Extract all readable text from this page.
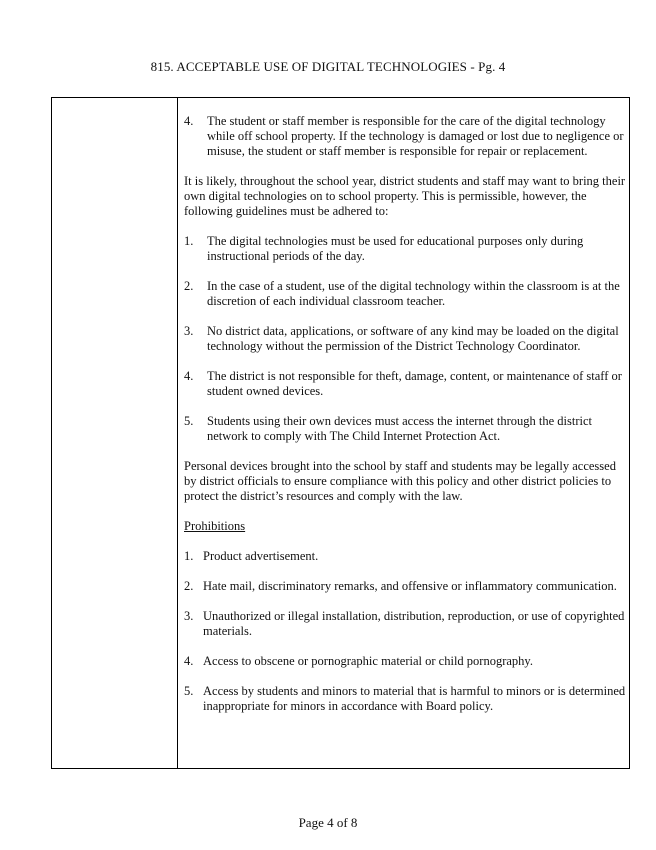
815. ACCEPTABLE USE OF DIGITAL TECHNOLOGIES - Pg. 4
4.	The student or staff member is responsible for the care of the digital technology while off school property. If the technology is damaged or lost due to negligence or misuse, the student or staff member is responsible for repair or replacement.
It is likely, throughout the school year, district students and staff may want to bring their own digital technologies on to school property. This is permissible, however, the following guidelines must be adhered to:
1.	The digital technologies must be used for educational purposes only during instructional periods of the day.
2.	In the case of a student, use of the digital technology within the classroom is at the discretion of each individual classroom teacher.
3.	No district data, applications, or software of any kind may be loaded on the digital technology without the permission of the District Technology Coordinator.
4.	The district is not responsible for theft, damage, content, or maintenance of staff or student owned devices.
5.	Students using their own devices must access the internet through the district network to comply with The Child Internet Protection Act.
Personal devices brought into the school by staff and students may be legally accessed by district officials to ensure compliance with this policy and other district policies to protect the district’s resources and comply with the law.
Prohibitions
1. Product advertisement.
2. Hate mail, discriminatory remarks, and offensive or inflammatory communication.
3. Unauthorized or illegal installation, distribution, reproduction, or use of copyrighted materials.
4. Access to obscene or pornographic material or child pornography.
5. Access by students and minors to material that is harmful to minors or is determined inappropriate for minors in accordance with Board policy.
Page 4 of 8
